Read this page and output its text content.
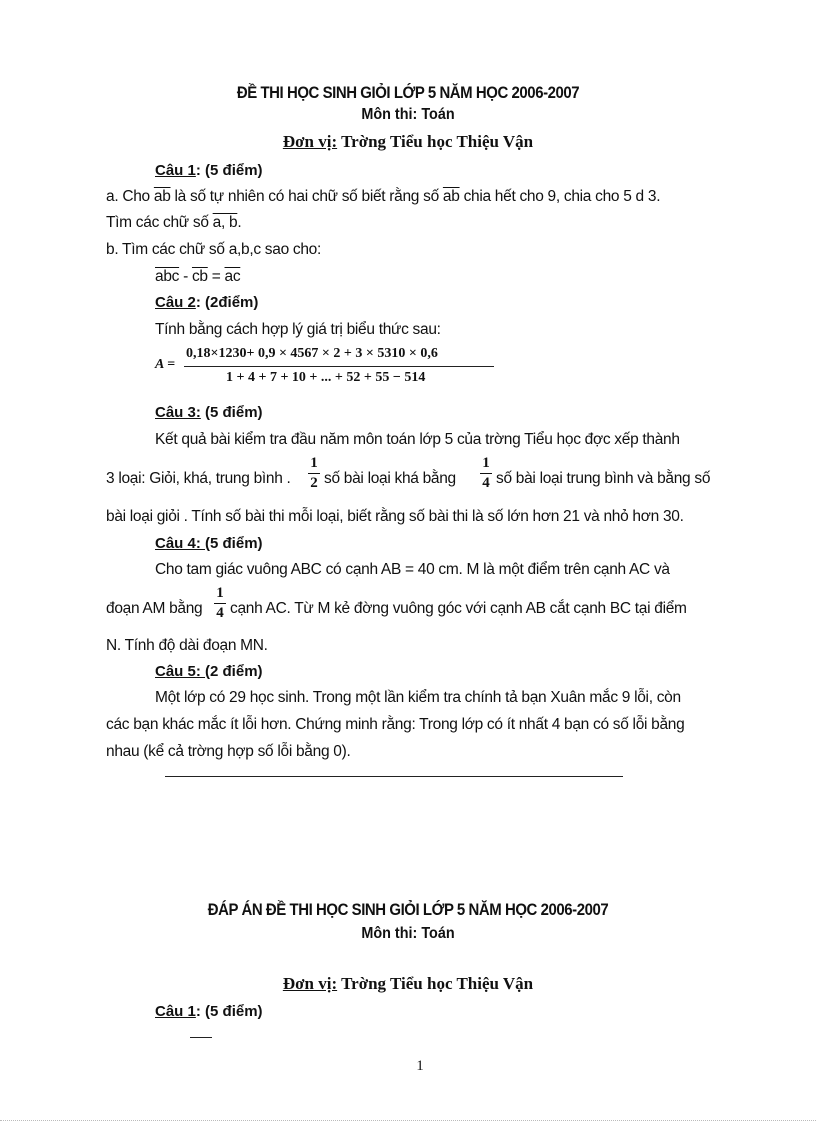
ĐỀ THI HỌC SINH GIỎI LỚP 5 NĂM HỌC 2006-2007
Môn thi: Toán
Đơn vị: Trờng Tiểu học Thiệu Vận
Câu 1: (5 điểm)
a. Cho $\overline{ab}$ là số tự nhiên có hai chữ số biết rằng số $\overline{ab}$ chia hết cho 9, chia cho 5 d 3.
Tìm các chữ số a, b.
b. Tìm các chữ số a,b,c sao cho:
$\overline{abc} - \overline{cb} = \overline{ac}$
Câu 2: (2điểm)
Tính bằng cách hợp lý giá trị biểu thức sau:
A =
0,18×1230+ 0,9 × 4567 × 2 + 3 × 5310 × 0,6
1 + 4 + 7 + 10 + ... + 52 + 55 − 514
Câu 3: (5 điểm)
Kết quả bài kiểm tra đầu năm môn toán lớp 5 của trờng Tiểu học đợc xếp thành
3 loại: Giỏi, khá, trung bình .
1
2 số bài loại khá bằng
1
4 số bài loại trung bình và bằng số
bài loại giỏi . Tính số bài thi mỗi loại, biết rằng số bài thi là số lớn hơn 21 và nhỏ hơn 30.
Câu 4: (5 điểm)
Cho tam giác vuông ABC có cạnh AB = 40 cm. M là một điểm trên cạnh AC và
đoạn AM bằng
1
4 cạnh AC. Từ M kẻ đờng vuông góc với cạnh AB cắt cạnh BC tại điểm
N. Tính độ dài đoạn MN.
Câu 5: (2 điểm)
Một lớp có 29 học sinh. Trong một lần kiểm tra chính tả bạn Xuân mắc 9 lỗi, còn
các bạn khác mắc ít lỗi hơn. Chứng minh rằng: Trong lớp có ít nhất 4 bạn có số lỗi bằng
nhau (kể cả trờng hợp số lỗi bằng 0).
ĐÁP ÁN ĐỀ THI HỌC SINH GIỎI LỚP 5 NĂM HỌC 2006-2007
Môn thi: Toán
Đơn vị: Trờng Tiểu học Thiệu Vận
Câu 1: (5 điểm)
1
